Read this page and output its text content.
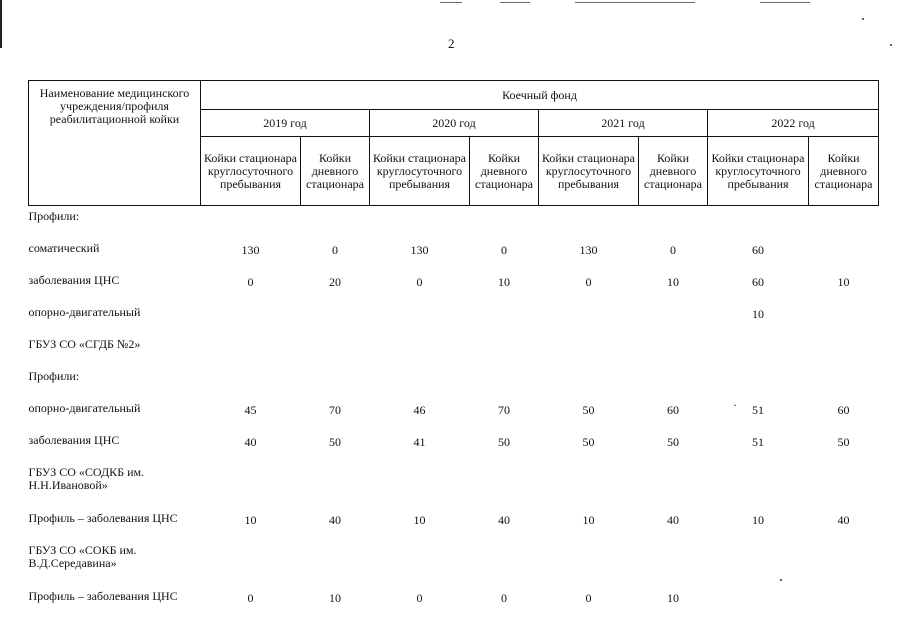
2
Наименование медицинского учреждения/профиля реабилитационной койки	Коечный фонд							
	2019 год		2020 год		2021 год		2022 год	
	Койки стационара круглосуточного пребывания	Койки дневного стационара	Койки стационара круглосуточного пребывания	Койки дневного стационара	Койки стационара круглосуточного пребывания	Койки дневного стационара	Койки стационара круглосуточного пребывания	Койки дневного стационара
Профили:								
соматический	130	0	130	0	130	0	60	
заболевания ЦНС	0	20	0	10	0	10	60	10
опорно-двигательный							10	
ГБУЗ СО «СГДБ №2»								
Профили:								
опорно-двигательный	45	70	46	70	50	60	51	60
заболевания ЦНС	40	50	41	50	50	50	51	50
ГБУЗ СО «СОДКБ им. Н.Н.Ивановой»								
Профиль – заболевания ЦНС	10	40	10	40	10	40	10	40
ГБУЗ СО «СОКБ им. В.Д.Середавина»								
Профиль – заболевания ЦНС	0	10	0	0	0	10		
·
